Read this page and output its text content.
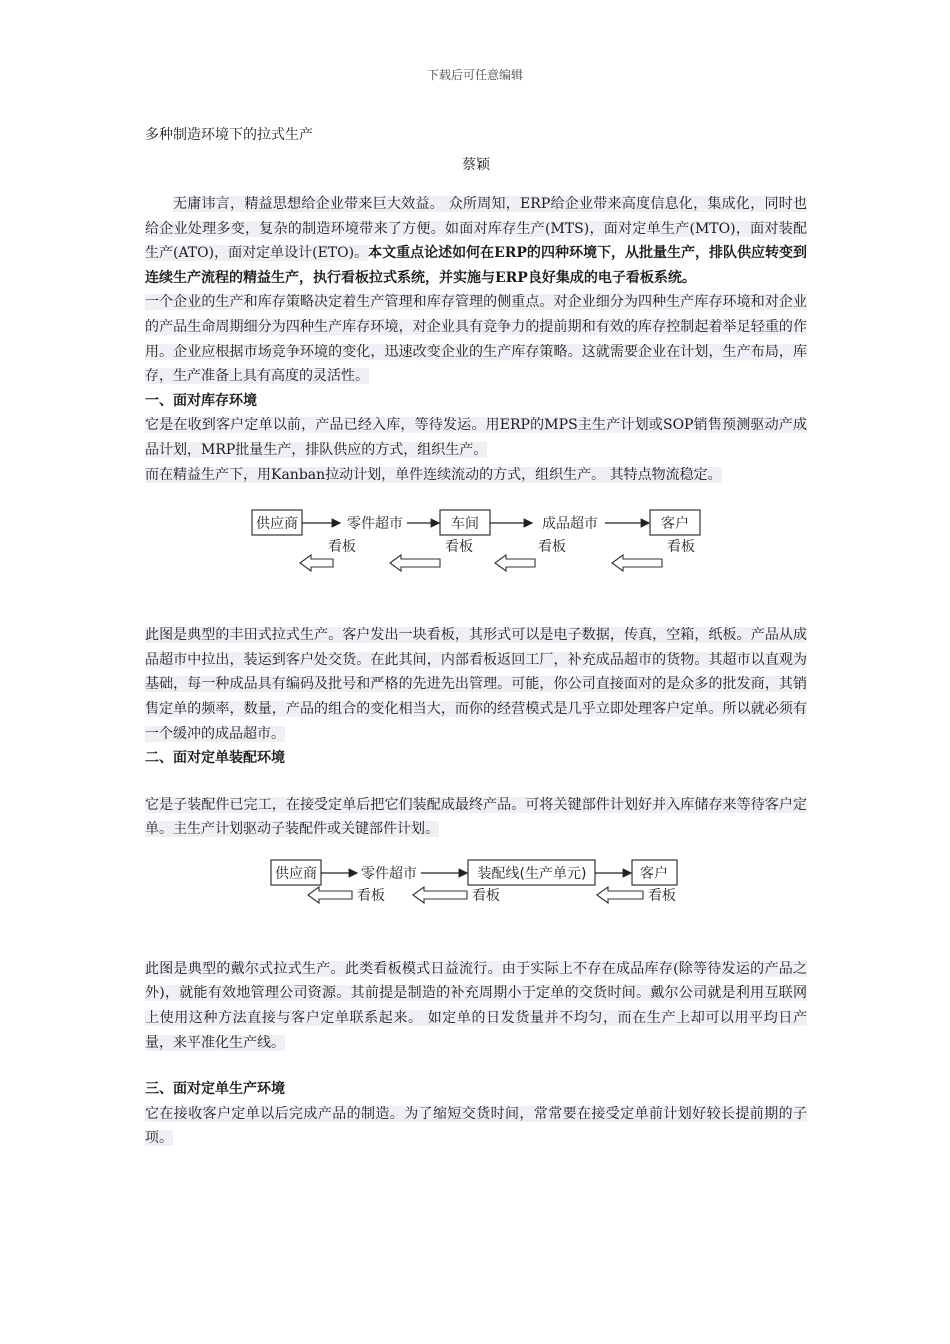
下载后可任意编辑
多种制造环境下的拉式生产
蔡颖

无庸讳言，精益思想给企业带来巨大效益。 众所周知，ERP给企业带来高度信息化，集成化，同时也给企业处理多变，复杂的制造环境带来了方便。如面对库存生产(MTS)，面对定单生产(MTO)，面对装配生产(ATO)，面对定单设计(ETO)。本文重点论述如何在ERP的四种环境下，从批量生产，排队供应转变到连续生产流程的精益生产，执行看板拉式系统，并实施与ERP良好集成的电子看板系统。

一个企业的生产和库存策略决定着生产管理和库存管理的侧重点。对企业细分为四种生产库存环境和对企业的产品生命周期细分为四种生产库存环境，对企业具有竞争力的提前期和有效的库存控制起着举足轻重的作用。企业应根据市场竞争环境的变化，迅速改变企业的生产库存策略。这就需要企业在计划，生产布局，库存，生产准备上具有高度的灵活性。

一、面对库存环境

它是在收到客户定单以前，产品已经入库，等待发运。用ERP的MPS主生产计划或SOP销售预测驱动产成品计划，MRP批量生产，排队供应的方式，组织生产。

而在精益生产下，用Kanban拉动计划，单件连续流动的方式，组织生产。 其特点物流稳定。

供应商	车间	客户
零件超市	成品超市
看板	看板	看板	看板

此图是典型的丰田式拉式生产。客户发出一块看板，其形式可以是电子数据，传真，空箱，纸板。产品从成品超市中拉出，装运到客户处交货。在此其间，内部看板返回工厂，补充成品超市的货物。其超市以直观为基础，每一种成品具有编码及批号和严格的先进先出管理。可能，你公司直接面对的是众多的批发商，其销售定单的频率，数量，产品的组合的变化相当大，而你的经营模式是几乎立即处理客户定单。所以就必须有一个缓冲的成品超市。

二、面对定单装配环境

它是子装配件已完工，在接受定单后把它们装配成最终产品。可将关键部件计划好并入库储存来等待客户定单。主生产计划驱动子装配件或关键部件计划。

供应商	装配线(生产单元)	客户
零件超市
看板	看板	看板

此图是典型的戴尔式拉式生产。此类看板模式日益流行。由于实际上不存在成品库存(除等待发运的产品之外)，就能有效地管理公司资源。其前提是制造的补充周期小于定单的交货时间。戴尔公司就是利用互联网上使用这种方法直接与客户定单联系起来。 如定单的日发货量并不均匀，而在生产上却可以用平均日产量，来平准化生产线。

三、面对定单生产环境

它在接收客户定单以后完成产品的制造。为了缩短交货时间，常常要在接受定单前计划好较长提前期的子项。
